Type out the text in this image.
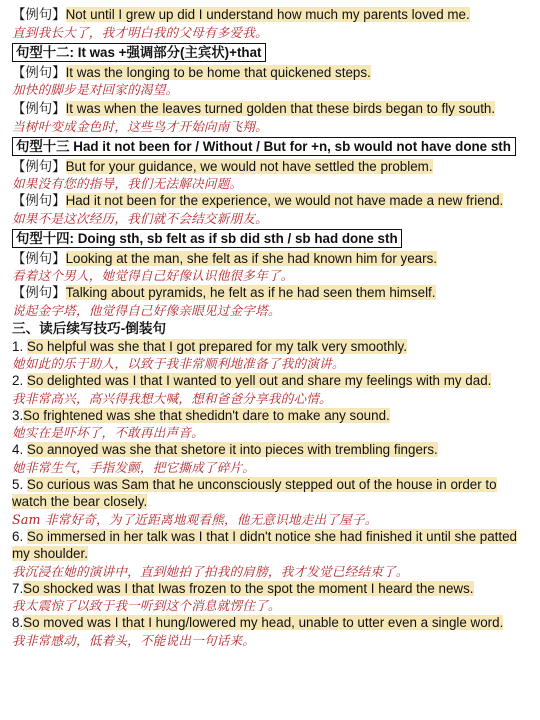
【例句】Not until I grew up did I understand how much my parents loved me.
直到我长大了，我才明白我的父母有多爱我。
句型十二: It was +强调部分(主宾状)+that
【例句】It was the longing to be home that quickened steps.
加快的脚步是对回家的渴望。
【例句】It was when the leaves turned golden that these birds began to fly south.
当树叶变成金色时，这些鸟才开始向南飞翔。
句型十三 Had it not been for / Without / But for +n, sb would not have done sth
【例句】But for your guidance, we would not have settled the problem.
如果没有您的指导，我们无法解决问题。
【例句】Had it not been for the experience, we would not have made a new friend.
如果不是这次经历，我们就不会结交新朋友。
句型十四: Doing sth, sb felt as if sb did sth / sb had done sth
【例句】Looking at the man, she felt as if she had known him for years.
看着这个男人，她觉得自己好像认识他很多年了。
【例句】Talking about pyramids, he felt as if he had seen them himself.
说起金字塔，他觉得自己好像亲眼见过金字塔。
三、读后续写技巧-倒装句
1. So helpful was she that I got prepared for my talk very smoothly.
她如此的乐于助人，以致于我非常顺利地准备了我的演讲。
2. So delighted was I that I wanted to yell out and share my feelings with my dad.
我非常高兴，高兴得我想大喊，想和爸爸分享我的心情。
3.So frightened was she that shedidn't dare to make any sound.
她实在是吓坏了，不敢再出声音。
4. So annoyed was she that shetore it into pieces with trembling fingers.
她非常生气，手指发颤，把它撕成了碎片。
5. So curious was Sam that he unconsciously stepped out of the house in order to watch the bear closely.
Sam 非常好奇，为了近距离地观看熊，他无意识地走出了屋子。
6. So immersed in her talk was I that I didn't notice she had finished it until she patted my shoulder.
我沉浸在她的演讲中，直到她拍了拍我的肩膀，我才发觉已经结束了。
7.So shocked was I that Iwas frozen to the spot the moment I heard the news.
我太震惊了以致于我一听到这个消息就愣住了。
8.So moved was I that I hung/lowered my head, unable to utter even a single word.
我非常感动，低着头，不能说出一句话来。
